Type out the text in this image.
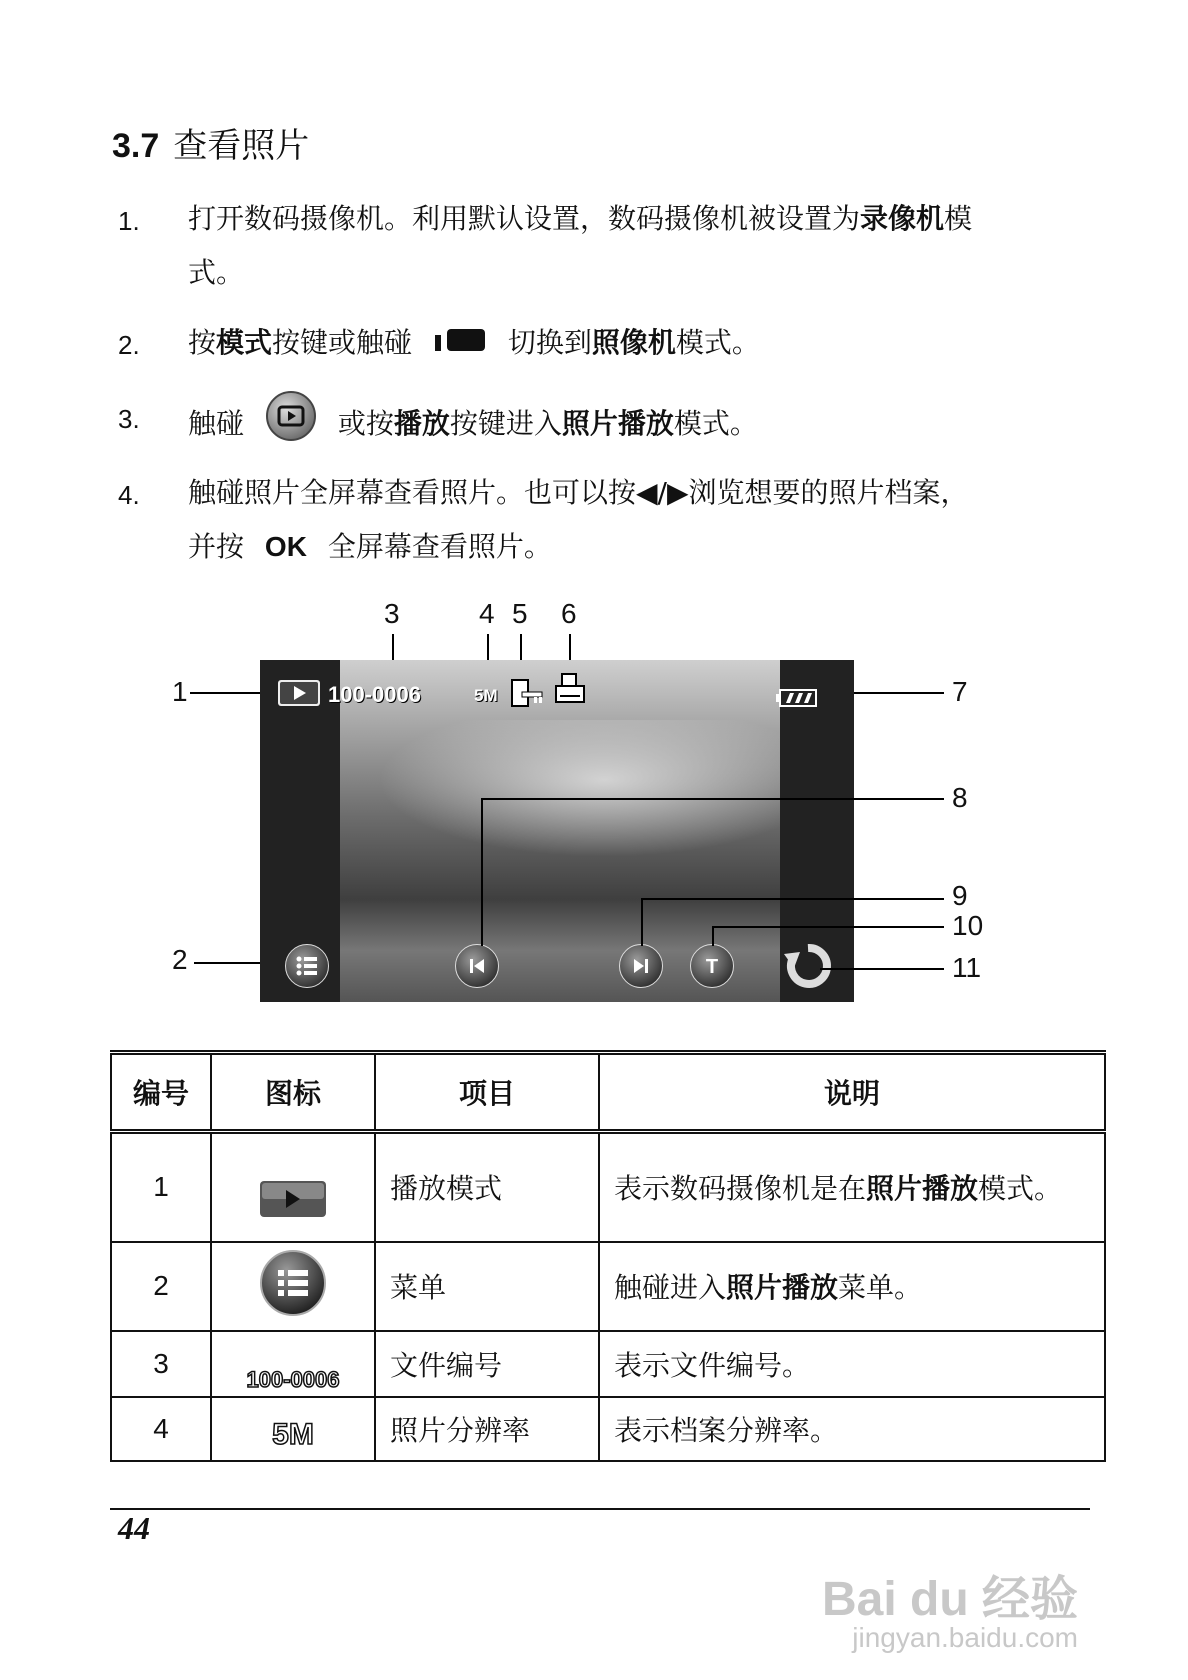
3.7 查看照片
1. 打开数码摄像机。利用默认设置，数码摄像机被设置为录像机模
式。
2. 按模式按键或触碰	切换到照像机模式。
3. 触碰	或按播放按键进入照片播放模式。
4. 触碰照片全屏幕查看照片。也可以按◀/▶浏览想要的照片档案，
并按 OK 全屏幕查看照片。
3	4 5 6
1
2
7
8
9
10
11
100-0006	5M
T
编号	图标	项目	说明
1		播放模式	表示数码摄像机是在照片播放模式。
2		菜单	触碰进入照片播放菜单。
3	$_{100-0006}$	文件编号	表示文件编号。
4	5M	照片分辨率	表示档案分辨率。
44
Bai du 经验
jingyan.baidu.com
